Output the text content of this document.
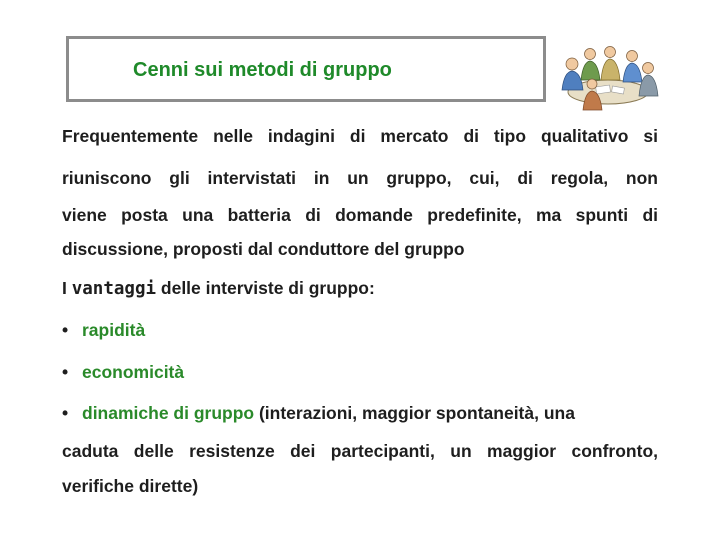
Cenni sui metodi di gruppo
Frequentemente nelle indagini di mercato di tipo qualitativo si
riuniscono gli intervistati in un gruppo, cui, di regola, non
viene posta una batteria di domande predefinite, ma spunti di
discussione, proposti dal conduttore del gruppo
I vantaggi delle interviste di gruppo:
• rapidità
• economicità
• dinamiche di gruppo (interazioni, maggior spontaneità, una
caduta delle resistenze dei partecipanti, un maggior confronto,
verifiche dirette)
